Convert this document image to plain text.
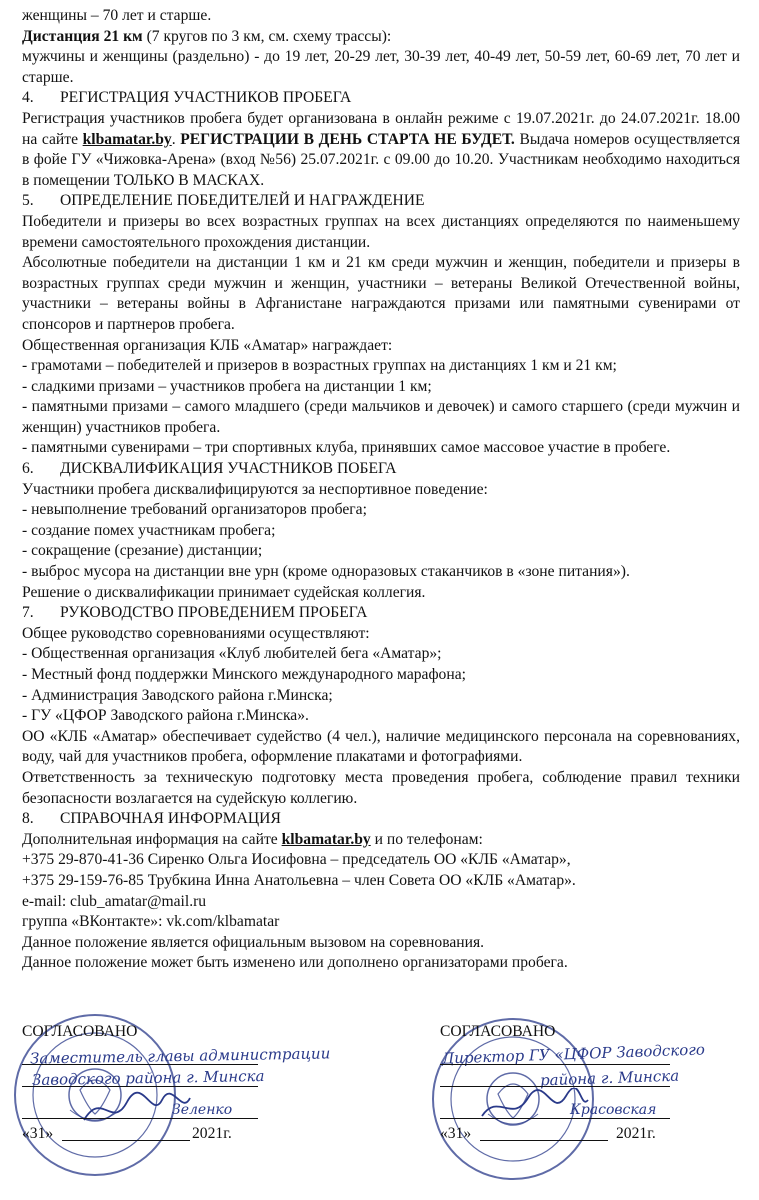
женщины – 70 лет и старше.

Дистанция 21 км (7 кругов по 3 км, см. схему трассы):

мужчины и женщины (раздельно) - до 19 лет, 20-29 лет, 30-39 лет, 40-49 лет, 50-59 лет, 60-69 лет, 70 лет и старше.

4.	РЕГИСТРАЦИЯ УЧАСТНИКОВ ПРОБЕГА

Регистрация участников пробега будет организована в онлайн режиме с 19.07.2021г. до 24.07.2021г. 18.00 на сайте klbamatar.by. РЕГИСТРАЦИИ В ДЕНЬ СТАРТА НЕ БУДЕТ. Выдача номеров осуществляется в фойе ГУ «Чижовка-Арена» (вход №56) 25.07.2021г. с 09.00 до 10.20. Участникам необходимо находиться в помещении ТОЛЬКО В МАСКАХ.

5.	ОПРЕДЕЛЕНИЕ ПОБЕДИТЕЛЕЙ И НАГРАЖДЕНИЕ

Победители и призеры во всех возрастных группах на всех дистанциях определяются по наименьшему времени самостоятельного прохождения дистанции.

Абсолютные победители на дистанции 1 км и 21 км среди мужчин и женщин, победители и призеры в возрастных группах среди мужчин и женщин, участники – ветераны Великой Отечественной войны, участники – ветераны войны в Афганистане награждаются призами или памятными сувенирами от спонсоров и партнеров пробега.

Общественная организация КЛБ «Аматар» награждает:

- грамотами – победителей и призеров в возрастных группах на дистанциях 1 км и 21 км;

- сладкими призами – участников пробега на дистанции 1 км;

- памятными призами – самого младшего (среди мальчиков и девочек) и самого старшего (среди мужчин и женщин) участников пробега.

- памятными сувенирами – три спортивных клуба, принявших самое массовое участие в пробеге.

6.	ДИСКВАЛИФИКАЦИЯ УЧАСТНИКОВ ПОБЕГА

Участники пробега дисквалифицируются за неспортивное поведение:

- невыполнение требований организаторов пробега;

- создание помех участникам пробега;

- сокращение (срезание) дистанции;

- выброс мусора на дистанции вне урн (кроме одноразовых стаканчиков в «зоне питания»).

Решение о дисквалификации принимает судейская коллегия.

7.	РУКОВОДСТВО ПРОВЕДЕНИЕМ ПРОБЕГА

Общее руководство соревнованиями осуществляют:

- Общественная организация «Клуб любителей бега «Аматар»;

- Местный фонд поддержки Минского международного марафона;

- Администрация Заводского района г.Минска;

- ГУ «ЦФОР Заводского района г.Минска».

ОО «КЛБ «Аматар» обеспечивает судейство (4 чел.), наличие медицинского персонала на соревнованиях, воду, чай для участников пробега, оформление плакатами и фотографиями.

Ответственность за техническую подготовку места проведения пробега, соблюдение правил техники безопасности возлагается на судейскую коллегию.

8.	СПРАВОЧНАЯ ИНФОРМАЦИЯ

Дополнительная информация на сайте klbamatar.by и по телефонам:

+375 29-870-41-36 Сиренко Ольга Иосифовна – председатель ОО «КЛБ «Аматар»,

+375 29-159-76-85 Трубкина Инна Анатольевна – член Совета ОО «КЛБ «Аматар».

e-mail: club_amatar@mail.ru

группа «ВКонтакте»: vk.com/klbamatar

Данное положение является официальным вызовом на соревнования.

Данное положение может быть изменено или дополнено организаторами пробега.

СОГЛАСОВАНО
Заместитель главы администрации
Заводского района г. Минска
Зеленко
«31»	2021г.
СОГЛАСОВАНО
Директор ГУ «ЦФОР Заводского
района г. Минска
Красовская
«31»	2021г.
